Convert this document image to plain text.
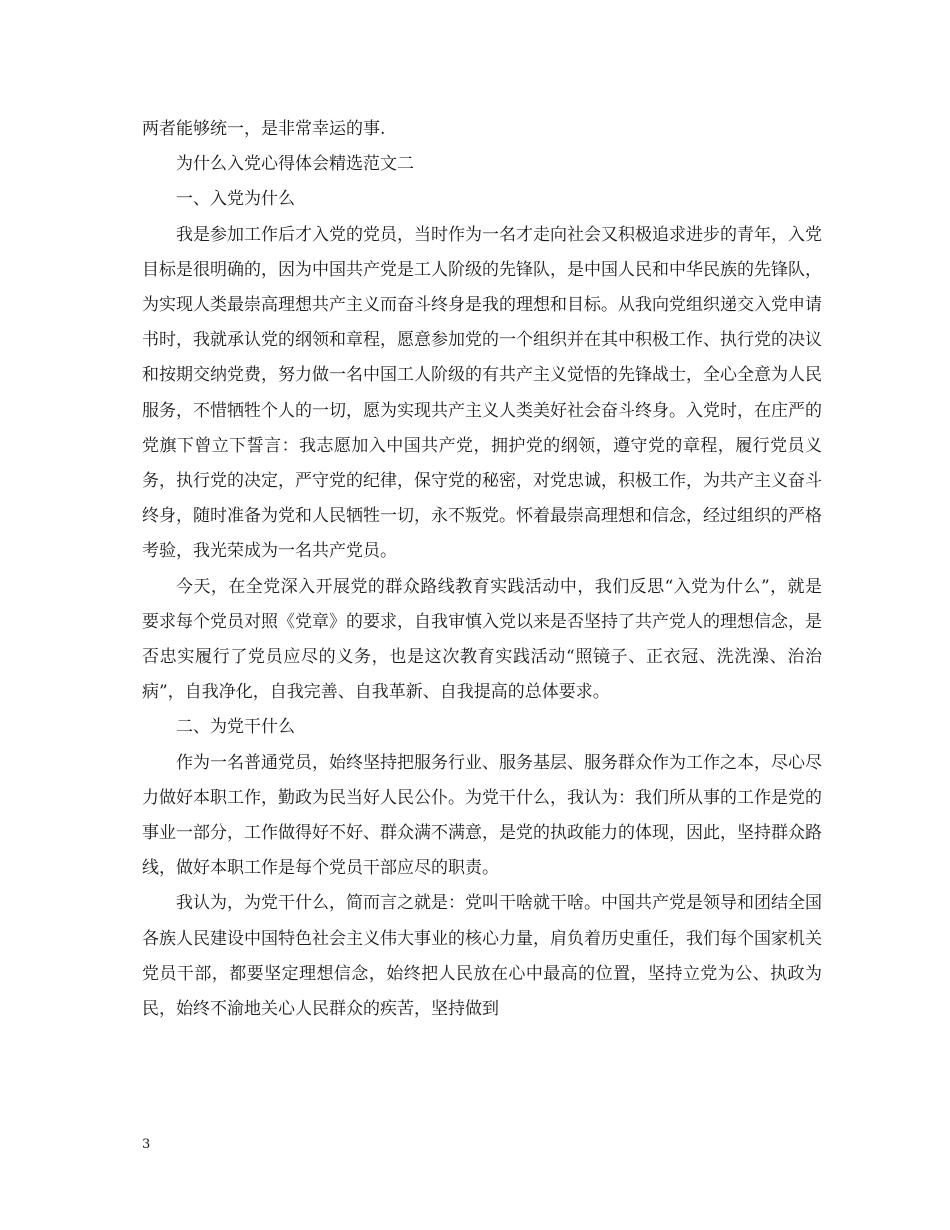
两者能够统一，是非常幸运的事.

为什么入党心得体会精选范文二

一、入党为什么

我是参加工作后才入党的党员，当时作为一名才走向社会又积极追求进步的青年，入党目标是很明确的，因为中国共产党是工人阶级的先锋队，是中国人民和中华民族的先锋队，为实现人类最崇高理想共产主义而奋斗终身是我的理想和目标。从我向党组织递交入党申请书时，我就承认党的纲领和章程，愿意参加党的一个组织并在其中积极工作、执行党的决议和按期交纳党费，努力做一名中国工人阶级的有共产主义觉悟的先锋战士，全心全意为人民服务，不惜牺牲个人的一切，愿为实现共产主义人类美好社会奋斗终身。入党时，在庄严的党旗下曾立下誓言：我志愿加入中国共产党，拥护党的纲领，遵守党的章程，履行党员义务，执行党的决定，严守党的纪律，保守党的秘密，对党忠诚，积极工作，为共产主义奋斗终身，随时准备为党和人民牺牲一切，永不叛党。怀着最崇高理想和信念，经过组织的严格考验，我光荣成为一名共产党员。

今天，在全党深入开展党的群众路线教育实践活动中，我们反思“入党为什么”，就是要求每个党员对照《党章》的要求，自我审慎入党以来是否坚持了共产党人的理想信念，是否忠实履行了党员应尽的义务，也是这次教育实践活动“照镜子、正衣冠、洗洗澡、治治病”，自我净化，自我完善、自我革新、自我提高的总体要求。

二、为党干什么

作为一名普通党员，始终坚持把服务行业、服务基层、服务群众作为工作之本，尽心尽力做好本职工作，勤政为民当好人民公仆。为党干什么，我认为：我们所从事的工作是党的事业一部分，工作做得好不好、群众满不满意，是党的执政能力的体现，因此，坚持群众路线，做好本职工作是每个党员干部应尽的职责。

我认为，为党干什么，简而言之就是：党叫干啥就干啥。中国共产党是领导和团结全国各族人民建设中国特色社会主义伟大事业的核心力量，肩负着历史重任，我们每个国家机关党员干部，都要坚定理想信念，始终把人民放在心中最高的位置，坚持立党为公、执政为民，始终不渝地关心人民群众的疾苦，坚持做到

3
